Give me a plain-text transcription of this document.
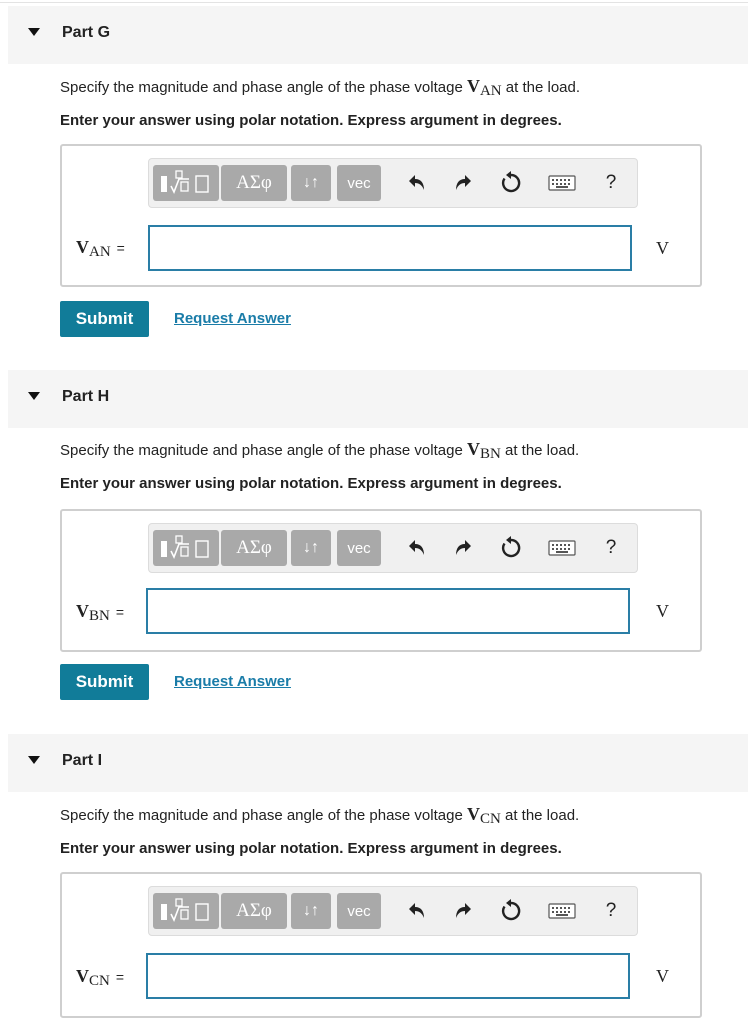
Part G
Specify the magnitude and phase angle of the phase voltage $V_{AN}$ at the load.
Enter your answer using polar notation. Express argument in degrees.
ΑΣφ	↓↑	vec	?
$V_{AN}$ =	V
Submit	Request Answer
Part H
Specify the magnitude and phase angle of the phase voltage $V_{BN}$ at the load.
Enter your answer using polar notation. Express argument in degrees.
ΑΣφ	↓↑	vec	?
$V_{BN}$ =	V
Submit	Request Answer
Part I
Specify the magnitude and phase angle of the phase voltage $V_{CN}$ at the load.
Enter your answer using polar notation. Express argument in degrees.
ΑΣφ	↓↑	vec	?
$V_{CN}$ =	V
